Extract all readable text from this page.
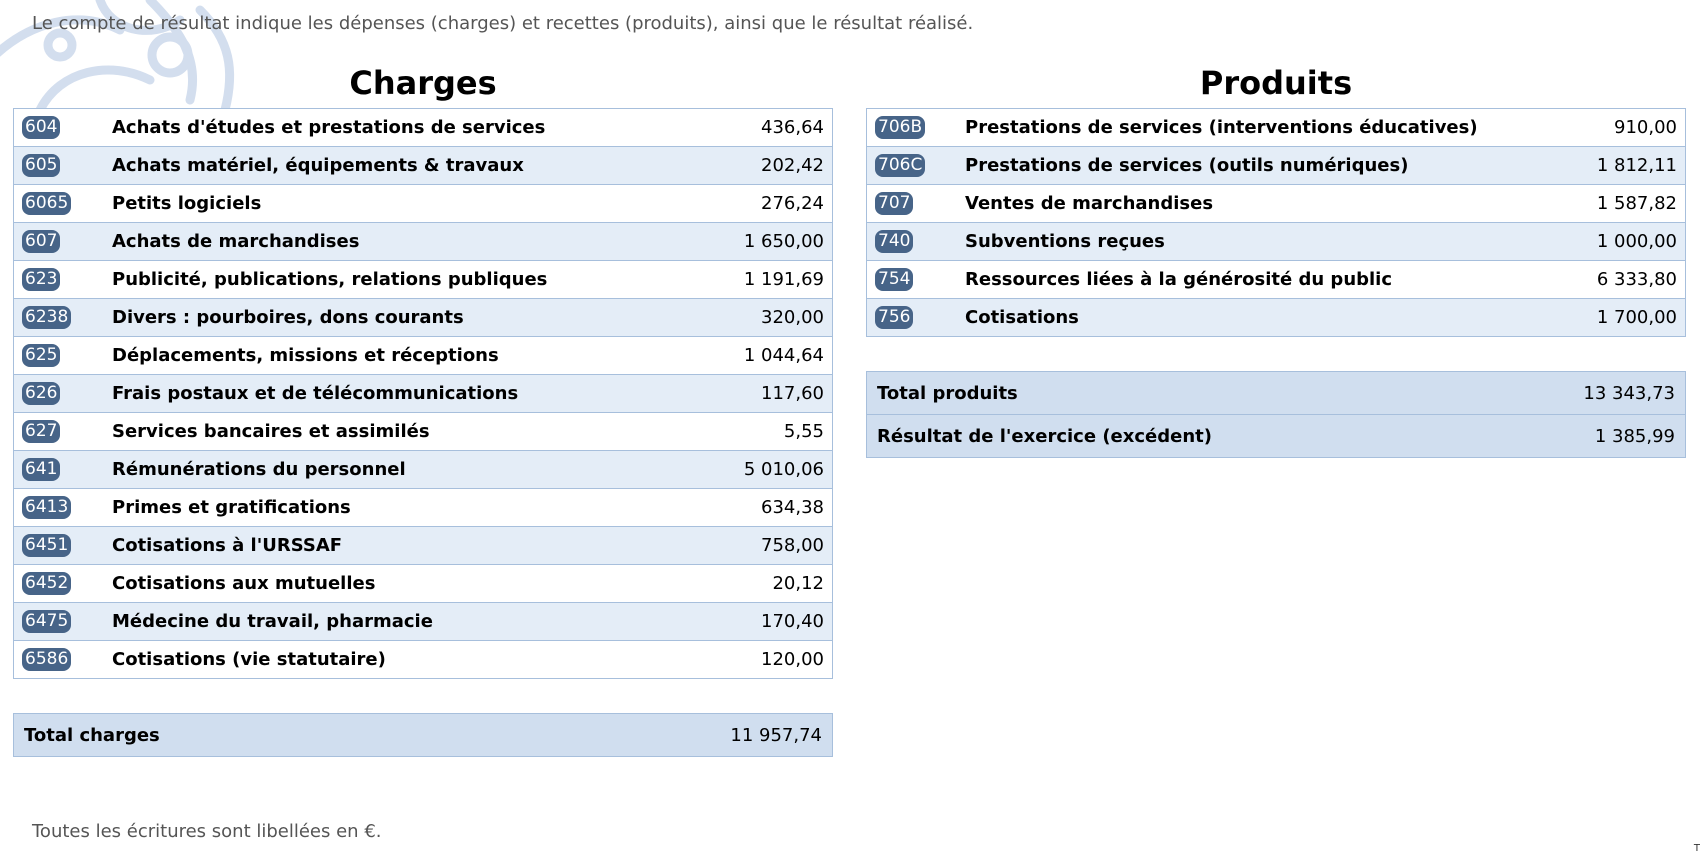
Le compte de résultat indique les dépenses (charges) et recettes (produits), ainsi que le résultat réalisé.
Charges
604	Achats d'études et prestations de services	436,64
605	Achats matériel, équipements & travaux	202,42
6065	Petits logiciels	276,24
607	Achats de marchandises	1 650,00
623	Publicité, publications, relations publiques	1 191,69
6238	Divers : pourboires, dons courants	320,00
625	Déplacements, missions et réceptions	1 044,64
626	Frais postaux et de télécommunications	117,60
627	Services bancaires et assimilés	5,55
641	Rémunérations du personnel	5 010,06
6413	Primes et gratifications	634,38
6451	Cotisations à l'URSSAF	758,00
6452	Cotisations aux mutuelles	20,12
6475	Médecine du travail, pharmacie	170,40
6586	Cotisations (vie statutaire)	120,00
Total charges	11 957,74
Produits
706B	Prestations de services (interventions éducatives)	910,00
706C	Prestations de services (outils numériques)	1 812,11
707	Ventes de marchandises	1 587,82
740	Subventions reçues	1 000,00
754	Ressources liées à la générosité du public	6 333,80
756	Cotisations	1 700,00
Total produits	13 343,73
Résultat de l'exercice (excédent)	1 385,99
Toutes les écritures sont libellées en €.
T
